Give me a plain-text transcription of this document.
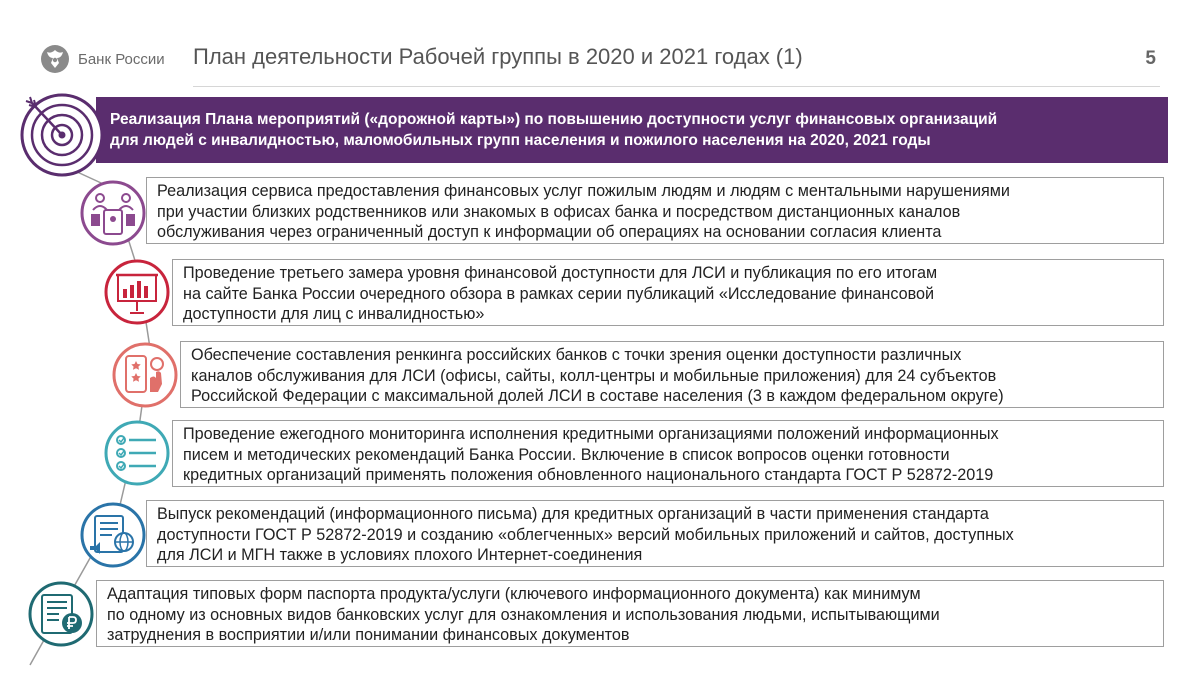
Банк России План деятельности Рабочей группы в 2020 и 2021 годах (1)	5
Реализация Плана мероприятий («дорожной карты») по повышению доступности услуг финансовых организаций
для людей с инвалидностью, маломобильных групп населения и пожилого населения на 2020, 2021 годы
Реализация сервиса предоставления финансовых услуг пожилым людям и людям с ментальными нарушениями
при участии близких родственников или знакомых в офисах банка и посредством дистанционных каналов
обслуживания через ограниченный доступ к информации об операциях на основании согласия клиента
Проведение третьего замера уровня финансовой доступности для ЛСИ и публикация по его итогам
на сайте Банка России очередного обзора в рамках серии публикаций «Исследование финансовой
доступности для лиц с инвалидностью»
Обеспечение составления ренкинга российских банков с точки зрения оценки доступности различных
каналов обслуживания для ЛСИ (офисы, сайты, колл-центры и мобильные приложения) для 24 субъектов
Российской Федерации с максимальной долей ЛСИ в составе населения (3 в каждом федеральном округе)
Проведение ежегодного мониторинга исполнения кредитными организациями положений информационных
писем и методических рекомендаций Банка России. Включение в список вопросов оценки готовности
кредитных организаций применять положения обновленного национального стандарта ГОСТ Р 52872-2019
Выпуск рекомендаций (информационного письма) для кредитных организаций в части применения стандарта
доступности ГОСТ Р 52872-2019 и созданию «облегченных» версий мобильных приложений и сайтов, доступных
для ЛСИ и МГН также в условиях плохого Интернет-соединения
Адаптация типовых форм паспорта продукта/услуги (ключевого информационного документа) как минимум
по одному из основных видов банковских услуг для ознакомления и использования людьми, испытывающими
затруднения в восприятии и/или понимании финансовых документов
